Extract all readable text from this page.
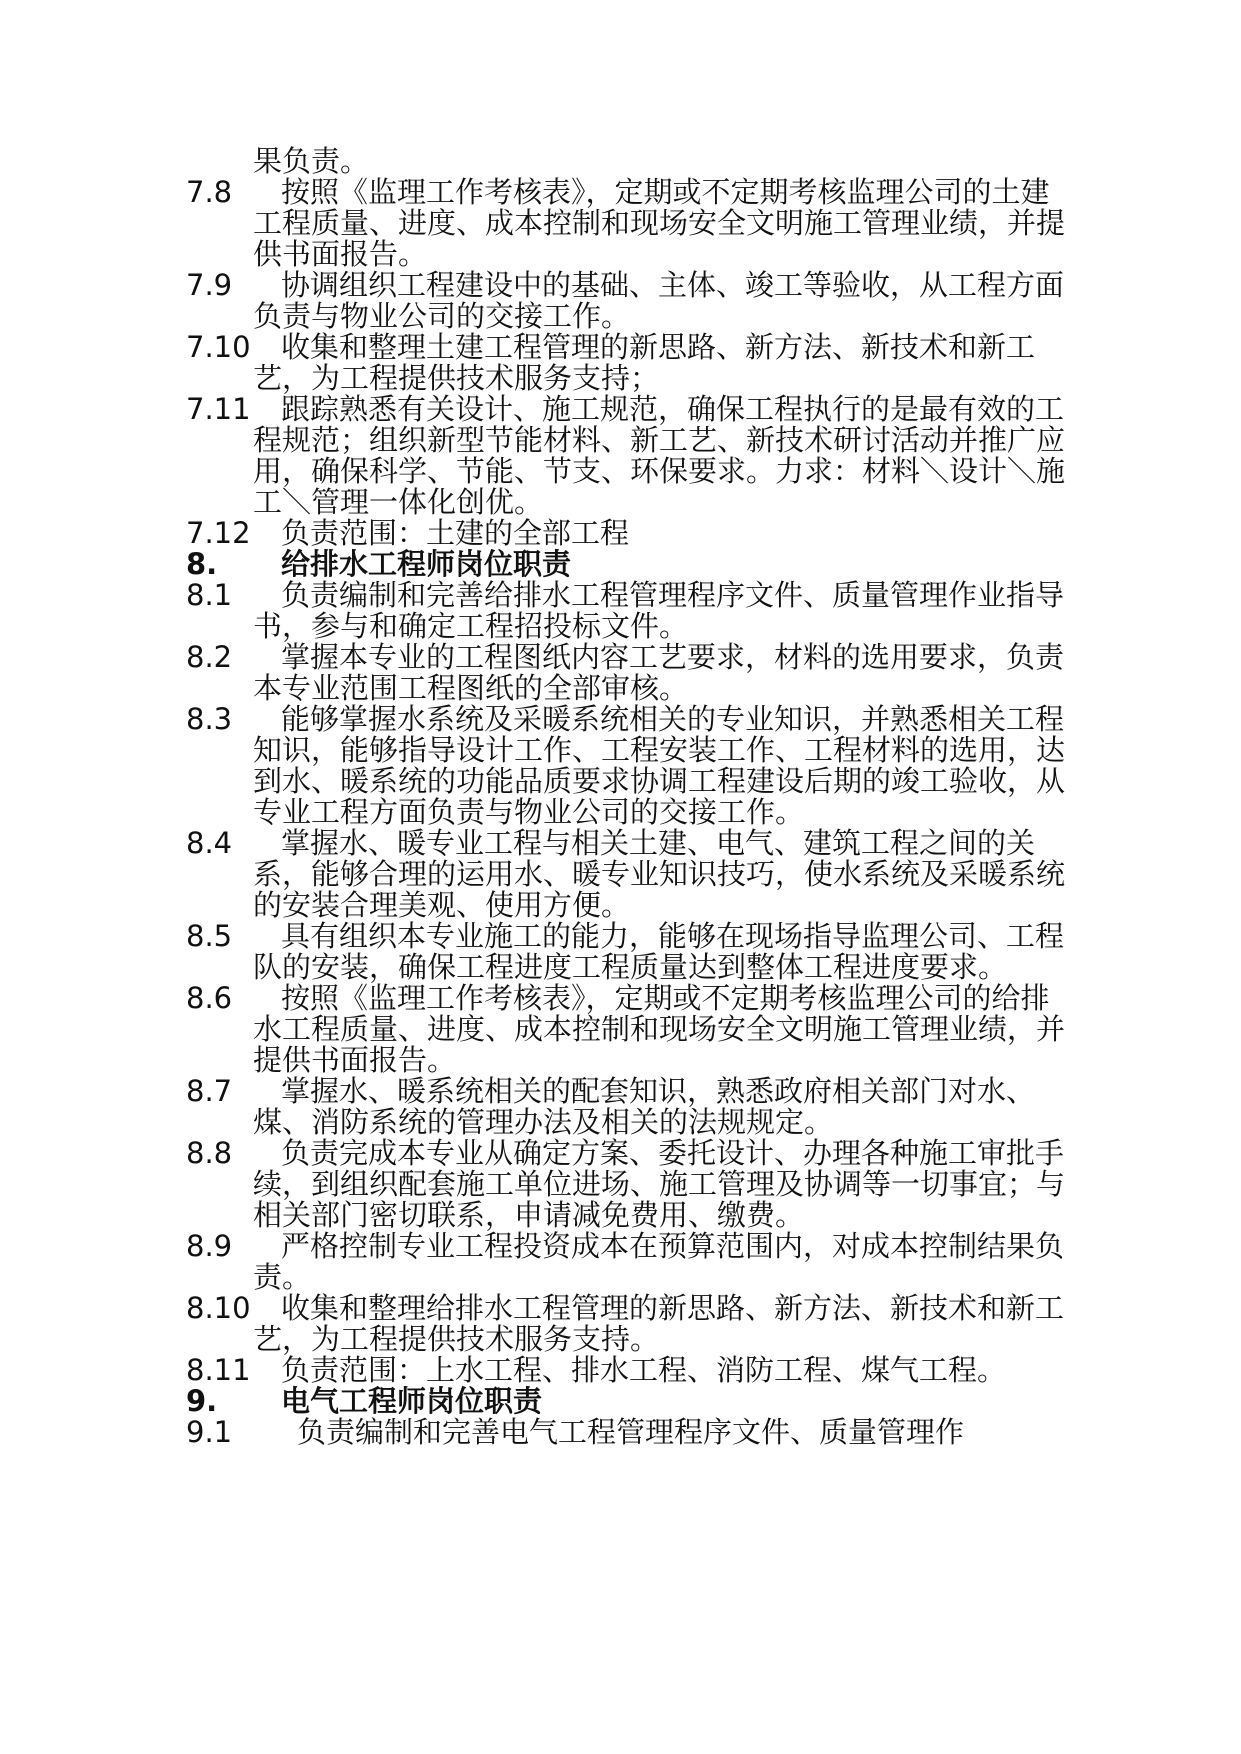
果负责。
7.8	按照《监理工作考核表》，定期或不定期考核监理公司的土建工程质量、进度、成本控制和现场安全文明施工管理业绩，并提供书面报告。
7.9	协调组织工程建设中的基础、主体、竣工等验收，从工程方面负责与物业公司的交接工作。
7.10	收集和整理土建工程管理的新思路、新方法、新技术和新工艺，为工程提供技术服务支持；
7.11	跟踪熟悉有关设计、施工规范，确保工程执行的是最有效的工程规范；组织新型节能材料、新工艺、新技术研讨活动并推广应用，确保科学、节能、节支、环保要求。力求：材料＼设计＼施工＼管理一体化创优。
7.12	负责范围：土建的全部工程
8.	给排水工程师岗位职责
8.1	负责编制和完善给排水工程管理程序文件、质量管理作业指导书，参与和确定工程招投标文件。
8.2	掌握本专业的工程图纸内容工艺要求，材料的选用要求，负责本专业范围工程图纸的全部审核。
8.3	能够掌握水系统及采暖系统相关的专业知识，并熟悉相关工程知识，能够指导设计工作、工程安装工作、工程材料的选用，达到水、暖系统的功能品质要求协调工程建设后期的竣工验收，从专业工程方面负责与物业公司的交接工作。
8.4	掌握水、暖专业工程与相关土建、电气、建筑工程之间的关系，能够合理的运用水、暖专业知识技巧，使水系统及采暖系统的安装合理美观、使用方便。
8.5	具有组织本专业施工的能力，能够在现场指导监理公司、工程队的安装，确保工程进度工程质量达到整体工程进度要求。
8.6	按照《监理工作考核表》，定期或不定期考核监理公司的给排水工程质量、进度、成本控制和现场安全文明施工管理业绩，并提供书面报告。
8.7	掌握水、暖系统相关的配套知识，熟悉政府相关部门对水、煤、消防系统的管理办法及相关的法规规定。
8.8	负责完成本专业从确定方案、委托设计、办理各种施工审批手续，到组织配套施工单位进场、施工管理及协调等一切事宜；与相关部门密切联系，申请减免费用、缴费。
8.9	严格控制专业工程投资成本在预算范围内，对成本控制结果负责。
8.10	收集和整理给排水工程管理的新思路、新方法、新技术和新工艺，为工程提供技术服务支持。
8.11	负责范围：上水工程、排水工程、消防工程、煤气工程。
9.	电气工程师岗位职责
9.1	负责编制和完善电气工程管理程序文件、质量管理作
